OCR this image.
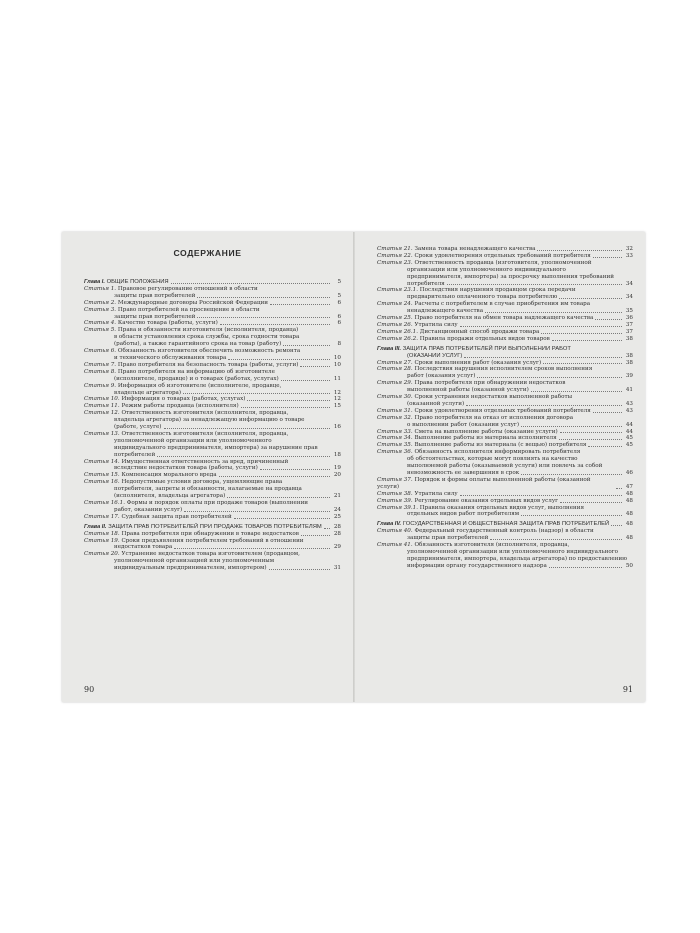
СОДЕРЖАНИЕ
Глава I. ОБЩИЕ ПОЛОЖЕНИЯ	5
Статья 1. Правовое регулирование отношений в области
защиты прав потребителей	5
Статья 2. Международные договоры Российской Федерации	6
Статья 3. Право потребителей на просвещение в области
защиты прав потребителей	6
Статья 4. Качество товара (работы, услуги)	6
Статья 5. Права и обязанности изготовителя (исполнителя, продавца)
в области установления срока службы, срока годности товара
(работы), а также гарантийного срока на товар (работу)	8
Статья 6. Обязанность изготовителя обеспечить возможность ремонта
и технического обслуживания товара	10
Статья 7. Право потребителя на безопасность товара (работы, услуги)	10
Статья 8. Право потребителя на информацию об изготовителе
(исполнителе, продавце) и о товарах (работах, услугах)	11
Статья 9. Информация об изготовителе (исполнителе, продавце,
владельце агрегатора)	12
Статья 10. Информация о товарах (работах, услугах)	12
Статья 11. Режим работы продавца (исполнителя)	15
Статья 12. Ответственность изготовителя (исполнителя, продавца,
владельца агрегатора) за ненадлежащую информацию о товаре
(работе, услуге)	16
Статья 13. Ответственность изготовителя (исполнителя, продавца,
уполномоченной организации или уполномоченного
индивидуального предпринимателя, импортера) за нарушение прав
потребителей	18
Статья 14. Имущественная ответственность за вред, причиненный
вследствие недостатков товара (работы, услуги)	19
Статья 15. Компенсация морального вреда	20
Статья 16. Недопустимые условия договора, ущемляющие права
потребителя, запреты и обязанности, налагаемые на продавца
(исполнителя, владельца агрегатора)	21
Статья 16.1. Формы и порядок оплаты при продаже товаров (выполнении
работ, оказании услуг)	24
Статья 17. Судебная защита прав потребителей	25
Глава II. ЗАЩИТА ПРАВ ПОТРЕБИТЕЛЕЙ ПРИ ПРОДАЖЕ ТОВАРОВ ПОТРЕБИТЕЛЯМ	28
Статья 18. Права потребителя при обнаружении в товаре недостатков	28
Статья 19. Сроки предъявления потребителем требований в отношении
недостатков товара	29
Статья 20. Устранение недостатков товара изготовителем (продавцом,
уполномоченной организацией или уполномоченным
индивидуальным предпринимателем, импортером)	31
90
Статья 21. Замена товара ненадлежащего качества	32
Статья 22. Сроки удовлетворения отдельных требований потребителя	33
Статья 23. Ответственность продавца (изготовителя, уполномоченной
организации или уполномоченного индивидуального
предпринимателя, импортера) за просрочку выполнения требований
потребителя	34
Статья 23.1. Последствия нарушения продавцом срока передачи
предварительно оплаченного товара потребителю	34
Статья 24. Расчеты с потребителем в случае приобретения им товара
ненадлежащего качества	35
Статья 25. Право потребителя на обмен товара надлежащего качества	36
Статья 26. Утратила силу	37
Статья 26.1. Дистанционный способ продажи товара	37
Статья 26.2. Правила продажи отдельных видов товаров	38
Глава III. ЗАЩИТА ПРАВ ПОТРЕБИТЕЛЕЙ ПРИ ВЫПОЛНЕНИИ РАБОТ
(ОКАЗАНИИ УСЛУГ)	38
Статья 27. Сроки выполнения работ (оказания услуг)	38
Статья 28. Последствия нарушения исполнителем сроков выполнения
работ (оказания услуг)	39
Статья 29. Права потребителя при обнаружении недостатков
выполненной работы (оказанной услуги)	41
Статья 30. Сроки устранения недостатков выполненной работы
(оказанной услуги)	43
Статья 31. Сроки удовлетворения отдельных требований потребителя	43
Статья 32. Право потребителя на отказ от исполнения договора
о выполнении работ (оказании услуг)	44
Статья 33. Смета на выполнение работы (оказание услуги)	44
Статья 34. Выполнение работы из материала исполнителя	45
Статья 35. Выполнение работы из материала (с вещью) потребителя	45
Статья 36. Обязанность исполнителя информировать потребителя
об обстоятельствах, которые могут повлиять на качество
выполняемой работы (оказываемой услуги) или повлечь за собой
невозможность ее завершения в срок	46
Статья 37. Порядок и формы оплаты выполненной работы (оказанной услуги)	47
Статья 38. Утратила силу	48
Статья 39. Регулирование оказания отдельных видов услуг	48
Статья 39.1. Правила оказания отдельных видов услуг, выполнения
отдельных видов работ потребителям	48
Глава IV. ГОСУДАРСТВЕННАЯ И ОБЩЕСТВЕННАЯ ЗАЩИТА ПРАВ ПОТРЕБИТЕЛЕЙ	48
Статья 40. Федеральный государственный контроль (надзор) в области
защиты прав потребителей	48
Статья 41. Обязанность изготовителя (исполнителя, продавца,
уполномоченной организации или уполномоченного индивидуального
предпринимателя, импортера, владельца агрегатора) по предоставлению
информации органу государственного надзора	50
91
